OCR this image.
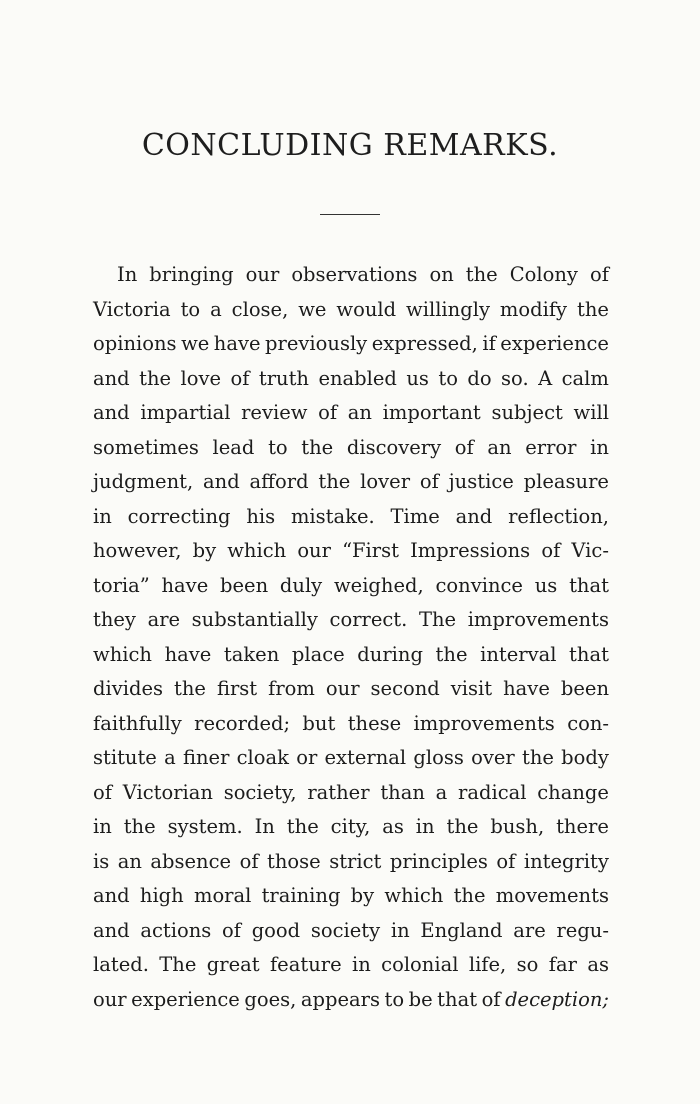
CONCLUDING REMARKS.
In bringing our observations on the Colony of
Victoria to a close, we would willingly modify the
opinions we have previously expressed, if experience
and the love of truth enabled us to do so. A calm
and impartial review of an important subject will
sometimes lead to the discovery of an error in
judgment, and afford the lover of justice pleasure
in correcting his mistake. Time and reflection,
however, by which our “First Impressions of Vic-
toria” have been duly weighed, convince us that
they are substantially correct. The improvements
which have taken place during the interval that
divides the first from our second visit have been
faithfully recorded; but these improvements con-
stitute a finer cloak or external gloss over the body
of Victorian society, rather than a radical change
in the system. In the city, as in the bush, there
is an absence of those strict principles of integrity
and high moral training by which the movements
and actions of good society in England are regu-
lated. The great feature in colonial life, so far as
our experience goes, appears to be that of deception;
